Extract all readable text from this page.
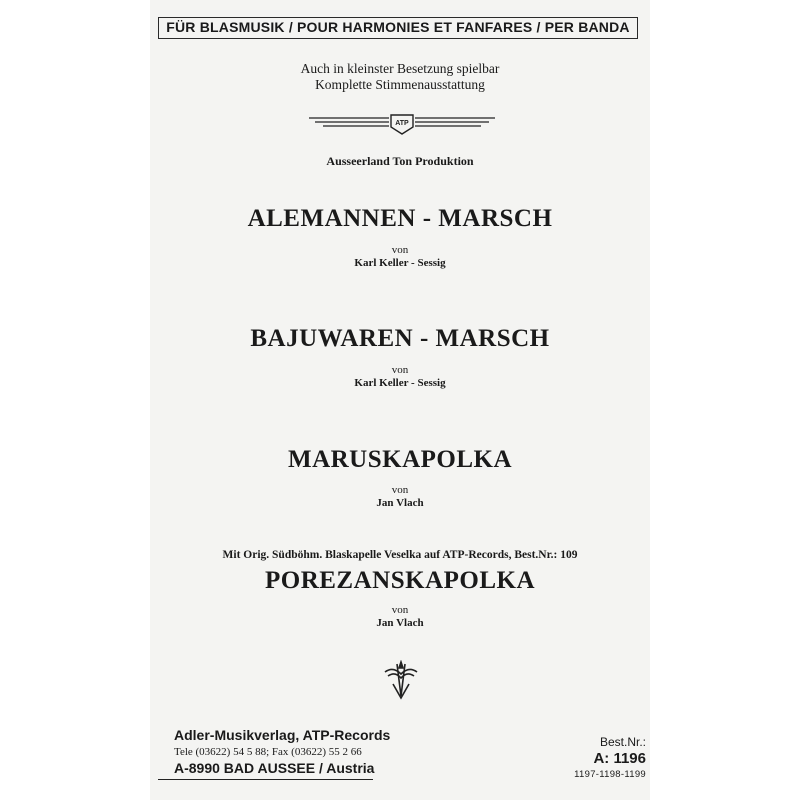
FÜR BLASMUSIK / POUR HARMONIES ET FANFARES / PER BANDA
Auch in kleinster Besetzung spielbar
Komplette Stimmenausstattung
ATP
Ausseerland Ton Produktion
ALEMANNEN - MARSCH
von
Karl Keller - Sessig
BAJUWAREN - MARSCH
von
Karl Keller - Sessig
MARUSKAPOLKA
von
Jan Vlach
Mit Orig. Südböhm. Blaskapelle Veselka auf ATP-Records, Best.Nr.: 109
POREZANSKAPOLKA
von
Jan Vlach
Adler-Musikverlag, ATP-Records
Tele (03622) 54 5 88; Fax (03622) 55 2 66
A-8990 BAD AUSSEE / Austria
Best.Nr.:
A: 1196
1197-1198-1199
